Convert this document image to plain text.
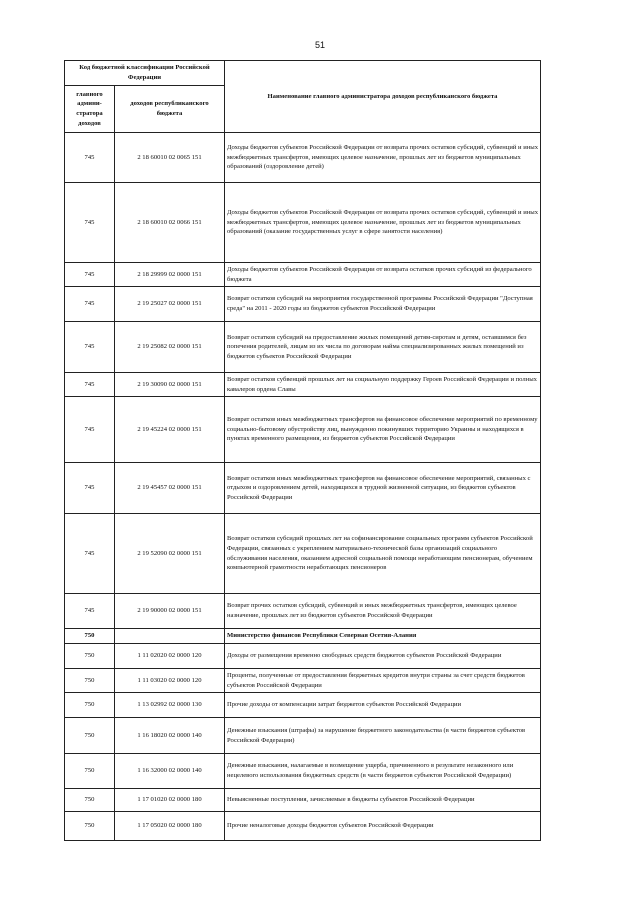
51
Код бюджетной классификации Российской Федерации		Наименование главного администратора доходов республиканского бюджета
главного админи-стратора доходов	доходов республиканского бюджета	
745	2 18 60010 02 0065 151	Доходы бюджетов субъектов Российской Федерации от возврата прочих остатков субсидий, субвенций и иных межбюджетных трансфертов, имеющих целевое назначение, прошлых лет из бюджетов муниципальных образований (оздоровление детей)
745	2 18 60010 02 0066 151	Доходы бюджетов субъектов Российской Федерации от возврата прочих остатков субсидий, субвенций и иных межбюджетных трансфертов, имеющих целевое назначение, прошлых лет из бюджетов муниципальных образований (оказание государственных услуг в сфере занятости населения)
745	2 18 29999 02 0000 151	Доходы бюджетов субъектов Российской Федерации от возврата остатков прочих субсидий из федерального бюджета
745	2 19 25027 02 0000 151	Возврат остатков субсидий на мероприятия государственной программы Российской Федерации "Доступная среда" на 2011 - 2020 годы из бюджетов субъектов Российской Федерации
745	2 19 25082 02 0000 151	Возврат остатков субсидий на предоставление жилых помещений детям-сиротам и детям, оставшимся без попечения родителей, лицам из их числа по договорам найма специализированных жилых помещений из бюджетов субъектов Российской Федерации
745	2 19 30090 02 0000 151	Возврат остатков субвенций прошлых лет на социальную поддержку Героев Российской Федерации и полных кавалеров ордена Славы
745	2 19 45224 02 0000 151	Возврат остатков иных межбюджетных трансфертов на финансовое обеспечение мероприятий по временному социально-бытовому обустройству лиц, вынужденно покинувших территорию Украины и находящихся в пунктах временного размещения, из бюджетов субъектов Российской Федерации
745	2 19 45457 02 0000 151	Возврат остатков иных межбюджетных трансфертов на финансовое обеспечение мероприятий, связанных с отдыхом и оздоровлением детей, находящихся в трудной жизненной ситуации, из бюджетов субъектов Российской Федерации
745	2 19 52090 02 0000 151	Возврат остатков субсидий прошлых лет на софинансирование социальных программ субъектов Российской Федерации, связанных с укреплением материально-технической базы организаций социального обслуживания населения, оказанием адресной социальной помощи неработающим пенсионерам, обучением компьютерной грамотности неработающих пенсионеров
745	2 19 90000 02 0000 151	Возврат прочих остатков субсидий, субвенций и иных межбюджетных трансфертов, имеющих целевое назначение, прошлых лет из бюджетов субъектов Российской Федерации
750		Министерство финансов Республики Северная Осетия-Алания
750	1 11 02020 02 0000 120	Доходы от размещения временно свободных средств бюджетов субъектов Российской Федерации
750	1 11 03020 02 0000 120	Проценты, полученные от предоставления бюджетных кредитов внутри страны за счет средств бюджетов субъектов Российской Федерации
750	1 13 02992 02 0000 130	Прочие доходы от компенсации затрат бюджетов субъектов Российской Федерации
750	1 16 18020 02 0000 140	Денежные взыскания (штрафы) за нарушение бюджетного законодательства (в части бюджетов субъектов Российской Федерации)
750	1 16 32000 02 0000 140	Денежные взыскания, налагаемые в возмещение ущерба, причиненного в результате незаконного или нецелевого использования бюджетных средств (в части бюджетов субъектов Российской Федерации)
750	1 17 01020 02 0000 180	Невыясненные поступления, зачисляемые в бюджеты субъектов Российской Федерации
750	1 17 05020 02 0000 180	Прочие неналоговые доходы бюджетов субъектов Российской Федерации
